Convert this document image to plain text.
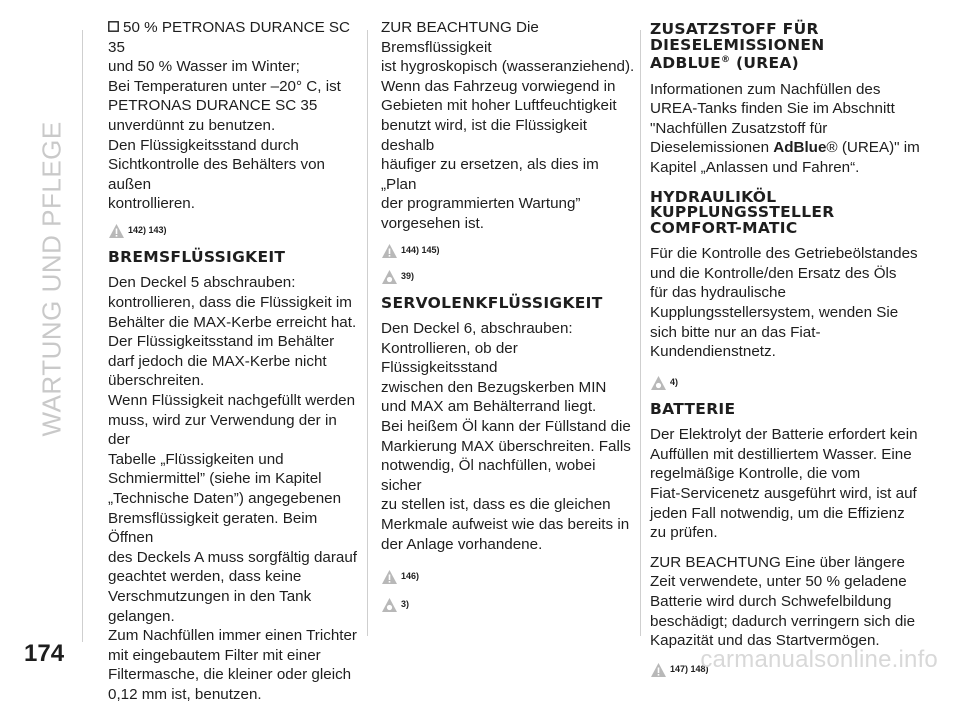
WARTUNG UND PFLEGE
174

50 % PETRONAS DURANCE SC 35

und 50 % Wasser im Winter;

Bei Temperaturen unter –20° C, ist

PETRONAS DURANCE SC 35

unverdünnt zu benutzen.

Den Flüssigkeitsstand durch

Sichtkontrolle des Behälters von außen

kontrollieren.

142) 143)
BREMSFLÜSSIGKEIT

Den Deckel 5 abschrauben:

kontrollieren, dass die Flüssigkeit im

Behälter die MAX-Kerbe erreicht hat.

Der Flüssigkeitsstand im Behälter

darf jedoch die MAX-Kerbe nicht

überschreiten.

Wenn Flüssigkeit nachgefüllt werden

muss, wird zur Verwendung der in der

Tabelle „Flüssigkeiten und

Schmiermittel” (siehe im Kapitel

„Technische Daten”) angegebenen

Bremsflüssigkeit geraten. Beim Öffnen

des Deckels A muss sorgfältig darauf

geachtet werden, dass keine

Verschmutzungen in den Tank

gelangen.

Zum Nachfüllen immer einen Trichter

mit eingebautem Filter mit einer

Filtermasche, die kleiner oder gleich

0,12 mm ist, benutzen.

ZUR BEACHTUNG Die Bremsflüssigkeit

ist hygroskopisch (wasseranziehend).

Wenn das Fahrzeug vorwiegend in

Gebieten mit hoher Luftfeuchtigkeit

benutzt wird, ist die Flüssigkeit deshalb

häufiger zu ersetzen, als dies im „Plan

der programmierten Wartung”

vorgesehen ist.

144) 145)
39)
SERVOLENKFLÜSSIGKEIT

Den Deckel 6, abschrauben:

Kontrollieren, ob der Flüssigkeitsstand

zwischen den Bezugskerben MIN

und MAX am Behälterrand liegt.

Bei heißem Öl kann der Füllstand die

Markierung MAX überschreiten. Falls

notwendig, Öl nachfüllen, wobei sicher

zu stellen ist, dass es die gleichen

Merkmale aufweist wie das bereits in

der Anlage vorhandene.

146)
3)
ZUSATZSTOFF FÜR
DIESELEMISSIONEN
ADBLUE® (UREA)

Informationen zum Nachfüllen des

UREA-Tanks finden Sie im Abschnitt

"Nachfüllen Zusatzstoff für

Dieselemissionen AdBlue® (UREA)" im

Kapitel „Anlassen und Fahren“.

HYDRAULIKÖL
KUPPLUNGSSTELLER
COMFORT-MATIC

Für die Kontrolle des Getriebeölstandes

und die Kontrolle/den Ersatz des Öls

für das hydraulische

Kupplungsstellersystem, wenden Sie

sich bitte nur an das Fiat-

Kundendienstnetz.

4)
BATTERIE

Der Elektrolyt der Batterie erfordert kein

Auffüllen mit destilliertem Wasser. Eine

regelmäßige Kontrolle, die vom

Fiat-Servicenetz ausgeführt wird, ist auf

jeden Fall notwendig, um die Effizienz

zu prüfen.

ZUR BEACHTUNG Eine über längere

Zeit verwendete, unter 50 % geladene

Batterie wird durch Schwefelbildung

beschädigt; dadurch verringern sich die

Kapazität und das Startvermögen.

147) 148)
carmanualsonline.info
